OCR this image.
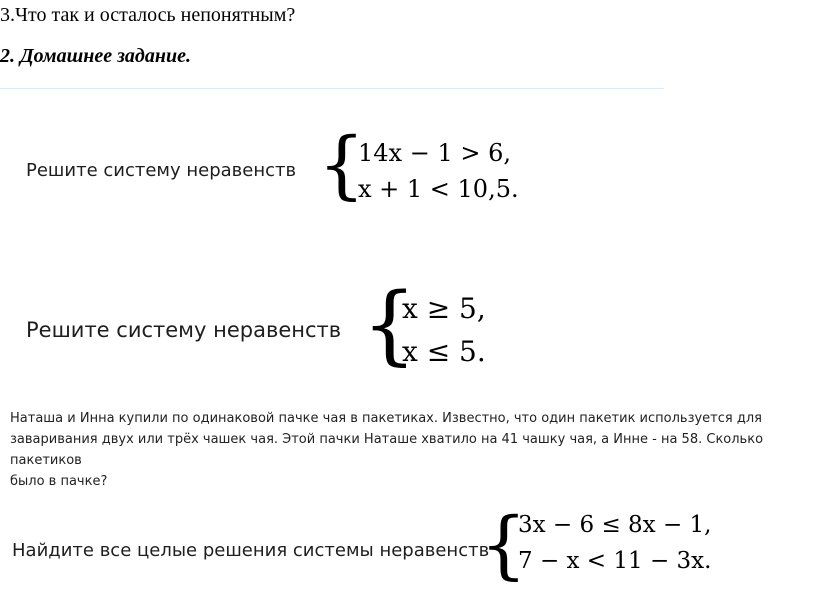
3.Что так и осталось непонятным?
2. Домашнее задание.
Решите систему неравенств {
14x − 1 > 6,
x + 1 < 10,5.
Решите систему неравенств {
x ≥ 5,
x ≤ 5.
Наташа и Инна купили по одинаковой пачке чая в пакетиках. Известно, что один пакетик используется для
заваривания двух или трёх чашек чая. Этой пачки Наташе хватило на 41 чашку чая, а Инне - на 58. Сколько пакетиков
было в пачке?
Найдите все целые решения системы неравенств
{
3x − 6 ≤ 8x − 1,
7 − x < 11 − 3x.
